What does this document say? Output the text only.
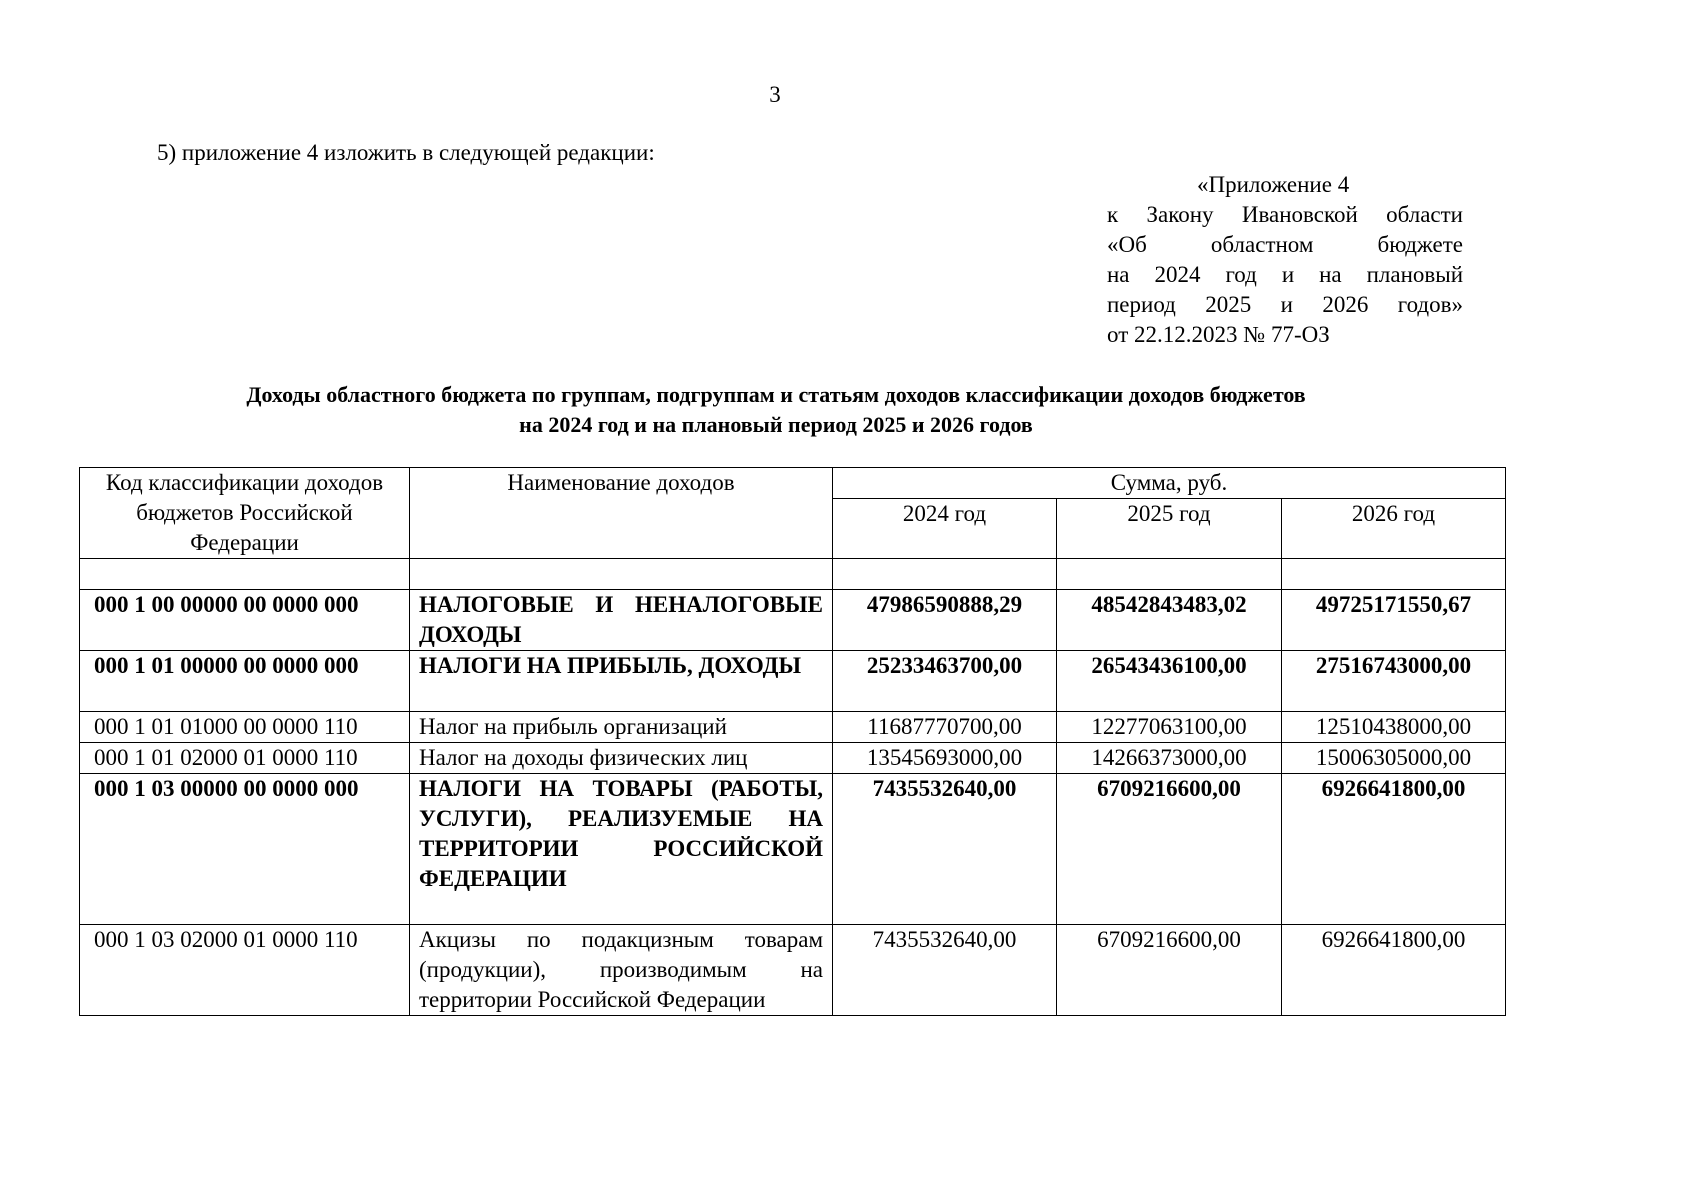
3
5) приложение 4 изложить в следующей редакции:
«Приложение 4
к Закону Ивановской области
«Об областном бюджете
на 2024 год и на плановый
период 2025 и 2026 годов»
от 22.12.2023 № 77-ОЗ
Доходы областного бюджета по группам, подгруппам и статьям доходов классификации доходов бюджетов
на 2024 год и на плановый период 2025 и 2026 годов
Код классификации доходов бюджетов Российской Федерации	Наименование доходов	Сумма, руб.		
		2024 год	2025 год	2026 год

000 1 00 00000 00 0000 000	НАЛОГОВЫЕ И НЕНАЛОГОВЫЕ ДОХОДЫ	47986590888,29	48542843483,02	49725171550,67
000 1 01 00000 00 0000 000	НАЛОГИ НА ПРИБЫЛЬ, ДОХОДЫ	25233463700,00	26543436100,00	27516743000,00
000 1 01 01000 00 0000 110	Налог на прибыль организаций	11687770700,00	12277063100,00	12510438000,00
000 1 01 02000 01 0000 110	Налог на доходы физических лиц	13545693000,00	14266373000,00	15006305000,00
000 1 03 00000 00 0000 000	НАЛОГИ НА ТОВАРЫ (РАБОТЫ, УСЛУГИ), РЕАЛИЗУЕМЫЕ НА ТЕРРИТОРИИ РОССИЙСКОЙ ФЕДЕРАЦИИ	7435532640,00	6709216600,00	6926641800,00
000 1 03 02000 01 0000 110	Акцизы по подакцизным товарам (продукции), производимым на территории Российской Федерации	7435532640,00	6709216600,00	6926641800,00
